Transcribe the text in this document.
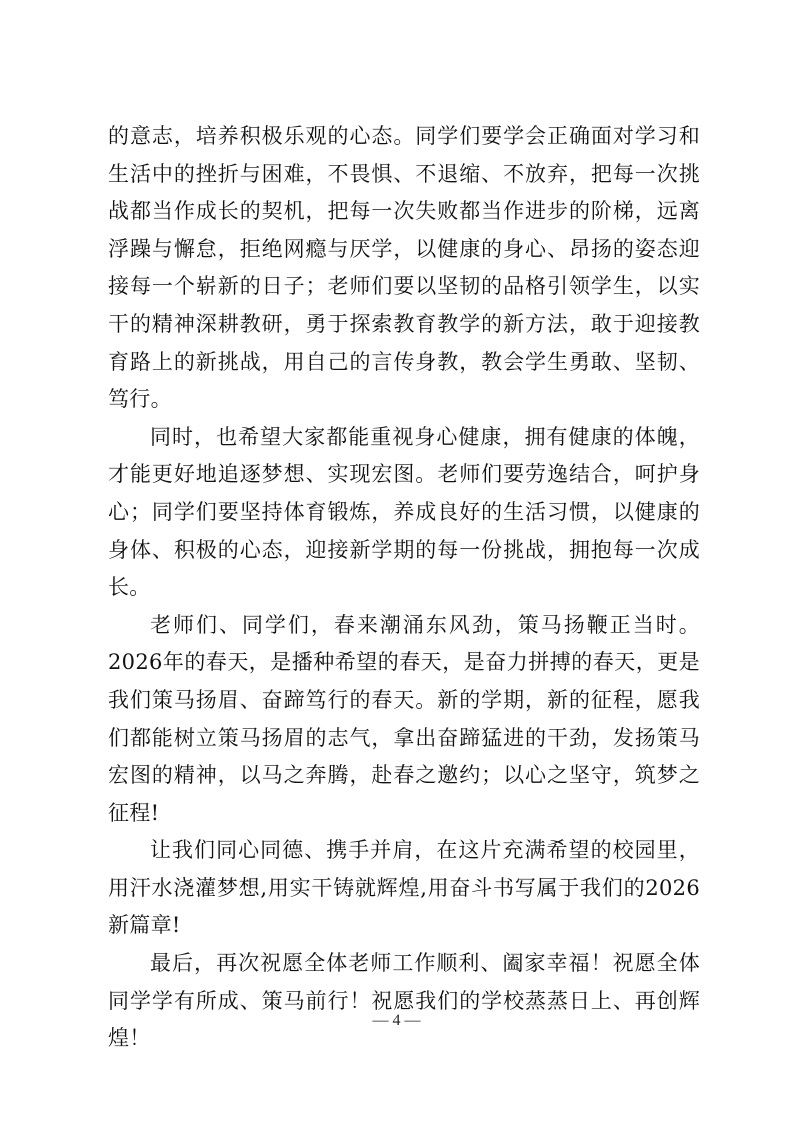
的意志，培养积极乐观的心态。同学们要学会正确面对学习和生活中的挫折与困难，不畏惧、不退缩、不放弃，把每一次挑战都当作成长的契机，把每一次失败都当作进步的阶梯，远离浮躁与懈怠，拒绝网瘾与厌学，以健康的身心、昂扬的姿态迎接每一个崭新的日子；老师们要以坚韧的品格引领学生，以实干的精神深耕教研，勇于探索教育教学的新方法，敢于迎接教育路上的新挑战，用自己的言传身教，教会学生勇敢、坚韧、笃行。

同时，也希望大家都能重视身心健康，拥有健康的体魄，才能更好地追逐梦想、实现宏图。老师们要劳逸结合，呵护身心；同学们要坚持体育锻炼，养成良好的生活习惯，以健康的身体、积极的心态，迎接新学期的每一份挑战，拥抱每一次成长。

老师们、同学们，春来潮涌东风劲，策马扬鞭正当时。2026年的春天，是播种希望的春天，是奋力拼搏的春天，更是我们策马扬眉、奋蹄笃行的春天。新的学期，新的征程，愿我们都能树立策马扬眉的志气，拿出奋蹄猛进的干劲，发扬策马宏图的精神，以马之奔腾，赴春之邀约；以心之坚守，筑梦之征程!

让我们同心同德、携手并肩，在这片充满希望的校园里，用汗水浇灌梦想,用实干铸就辉煌,用奋斗书写属于我们的2026新篇章!

最后，再次祝愿全体老师工作顺利、阖家幸福！祝愿全体同学学有所成、策马前行！祝愿我们的学校蒸蒸日上、再创辉煌！

— 4 —
